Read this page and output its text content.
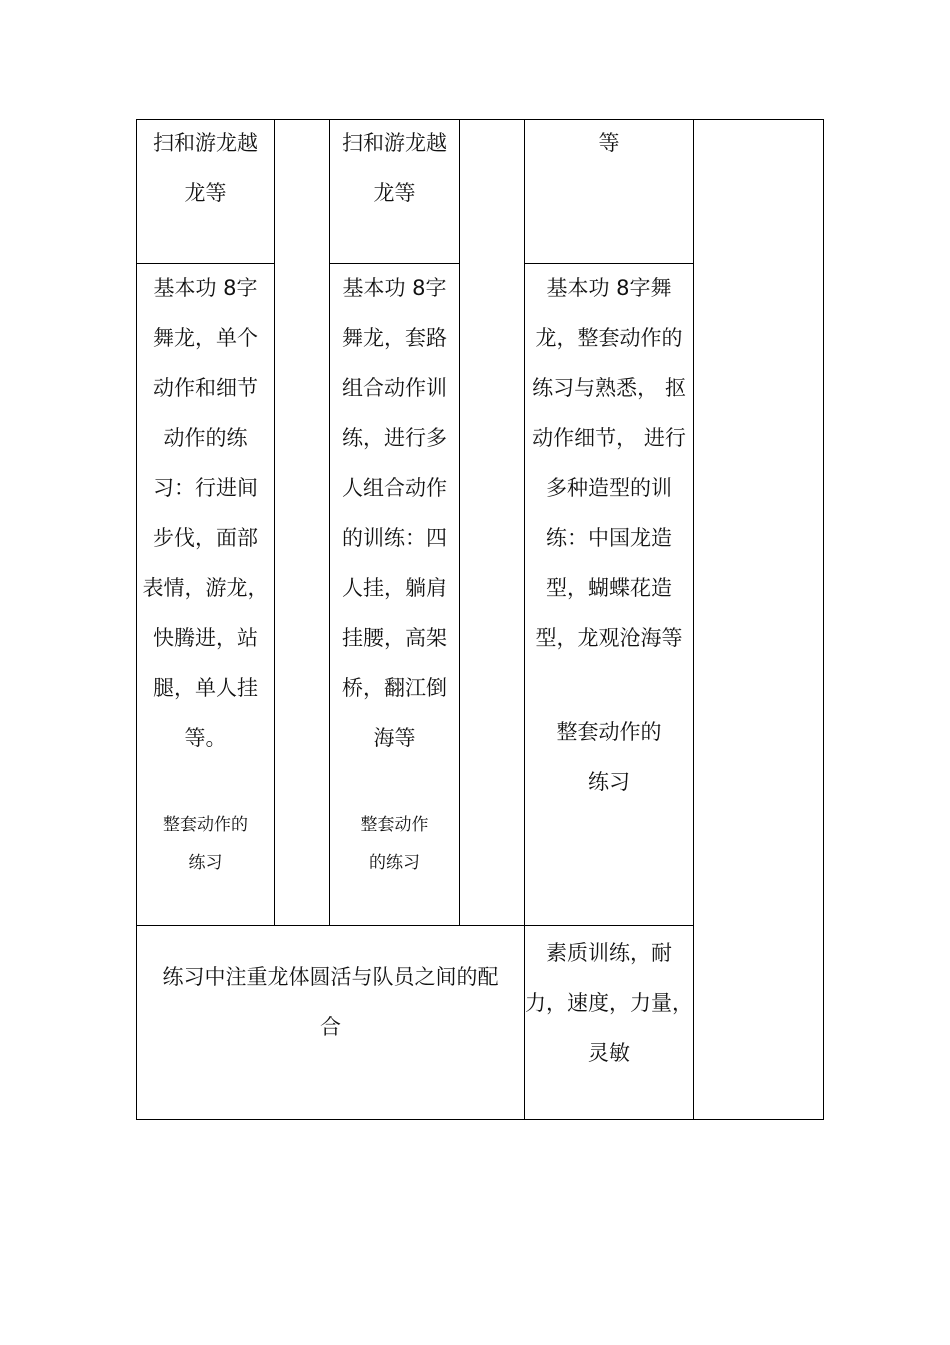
扫和游龙越
龙等
扫和游龙越
龙等
等
基本功 8字
舞龙，单个
动作和细节
动作的练
习：行进间
步伐，面部
表情，游龙，
快腾进，站
腿，单人挂
等。
整套动作的
练习
基本功 8字
舞龙，套路
组合动作训
练，进行多
人组合动作
的训练：四
人挂，躺肩
挂腰，高架
桥，翻江倒
海等
整套动作
的练习
基本功 8字舞
龙，整套动作的
练习与熟悉， 抠
动作细节， 进行
多种造型的训
练：中国龙造
型，蝴蝶花造
型，龙观沧海等
整套动作的
练习
练习中注重龙体圆活与队员之间的配
合
素质训练，耐
力，速度，力量，
灵敏
